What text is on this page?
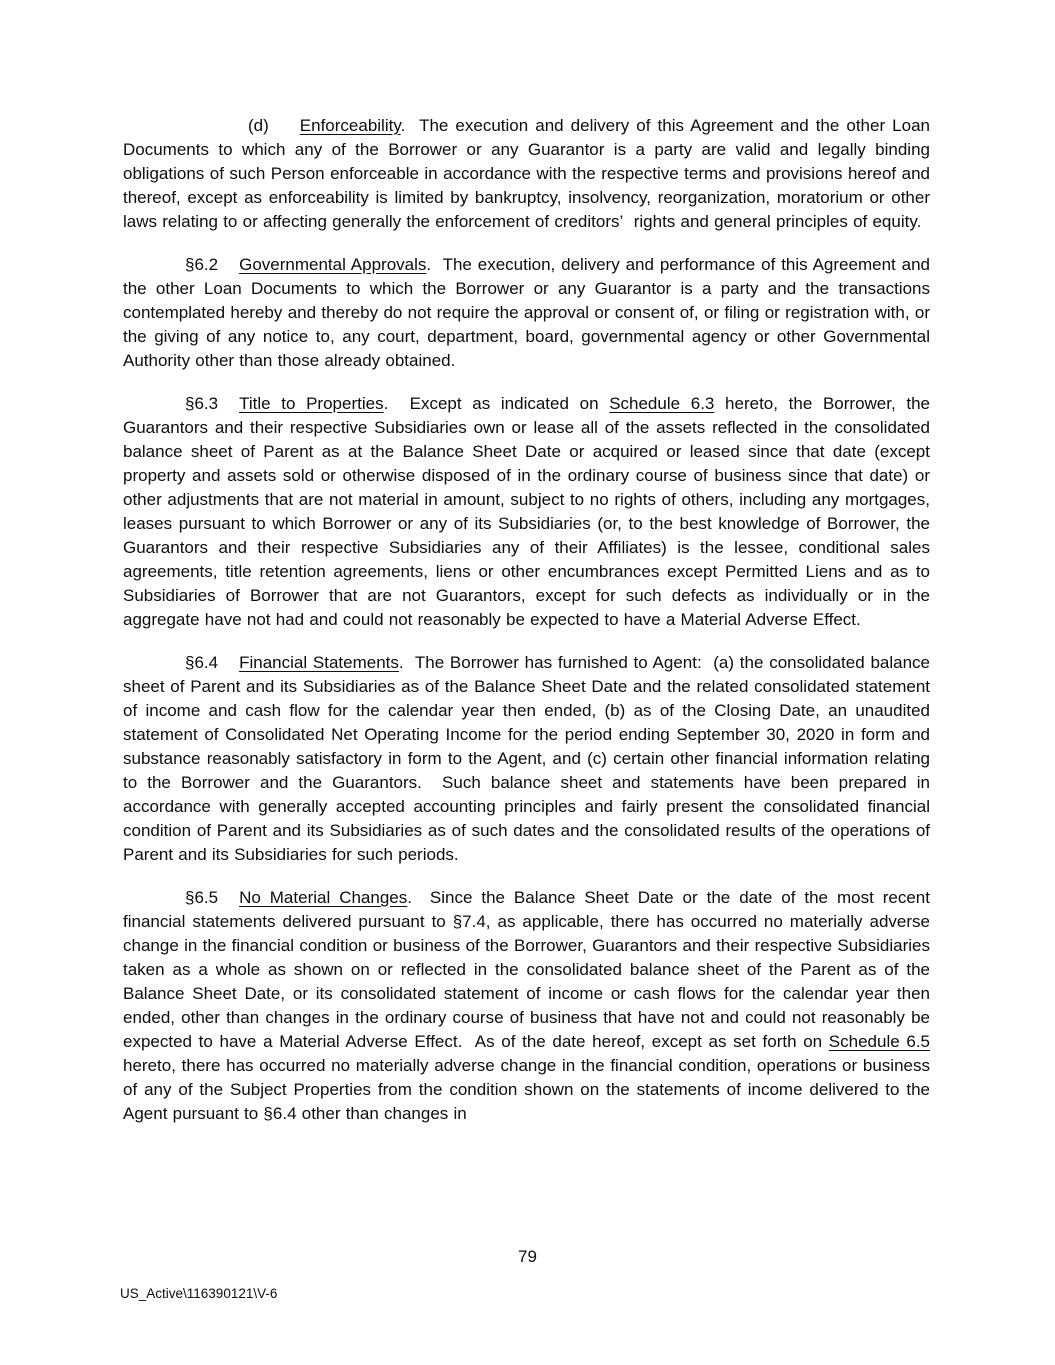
(d) Enforceability.  The execution and delivery of this Agreement and the other Loan Documents to which any of the Borrower or any Guarantor is a party are valid and legally binding obligations of such Person enforceable in accordance with the respective terms and provisions hereof and thereof, except as enforceability is limited by bankruptcy, insolvency, reorganization, moratorium or other laws relating to or affecting generally the enforcement of creditors’  rights and general principles of equity.

§6.2 Governmental Approvals.  The execution, delivery and performance of this Agreement and the other Loan Documents to which the Borrower or any Guarantor is a party and the transactions contemplated hereby and thereby do not require the approval or consent of, or filing or registration with, or the giving of any notice to, any court, department, board, governmental agency or other Governmental Authority other than those already obtained.

§6.3 Title to Properties.  Except as indicated on Schedule 6.3 hereto, the Borrower, the Guarantors and their respective Subsidiaries own or lease all of the assets reflected in the consolidated balance sheet of Parent as at the Balance Sheet Date or acquired or leased since that date (except property and assets sold or otherwise disposed of in the ordinary course of business since that date) or other adjustments that are not material in amount, subject to no rights of others, including any mortgages, leases pursuant to which Borrower or any of its Subsidiaries (or, to the best knowledge of Borrower, the Guarantors and their respective Subsidiaries any of their Affiliates) is the lessee, conditional sales agreements, title retention agreements, liens or other encumbrances except Permitted Liens and as to Subsidiaries of Borrower that are not Guarantors, except for such defects as individually or in the aggregate have not had and could not reasonably be expected to have a Material Adverse Effect.

§6.4 Financial Statements.  The Borrower has furnished to Agent:  (a) the consolidated balance sheet of Parent and its Subsidiaries as of the Balance Sheet Date and the related consolidated statement of income and cash flow for the calendar year then ended, (b) as of the Closing Date, an unaudited statement of Consolidated Net Operating Income for the period ending September 30, 2020 in form and substance reasonably satisfactory in form to the Agent, and (c) certain other financial information relating to the Borrower and the Guarantors.  Such balance sheet and statements have been prepared in accordance with generally accepted accounting principles and fairly present the consolidated financial condition of Parent and its Subsidiaries as of such dates and the consolidated results of the operations of Parent and its Subsidiaries for such periods.

§6.5 No Material Changes.  Since the Balance Sheet Date or the date of the most recent financial statements delivered pursuant to §7.4, as applicable, there has occurred no materially adverse change in the financial condition or business of the Borrower, Guarantors and their respective Subsidiaries taken as a whole as shown on or reflected in the consolidated balance sheet of the Parent as of the Balance Sheet Date, or its consolidated statement of income or cash flows for the calendar year then ended, other than changes in the ordinary course of business that have not and could not reasonably be expected to have a Material Adverse Effect.  As of the date hereof, except as set forth on Schedule 6.5 hereto, there has occurred no materially adverse change in the financial condition, operations or business of any of the Subject Properties from the condition shown on the statements of income delivered to the Agent pursuant to §6.4 other than changes in

79
US_Active\116390121\V-6
